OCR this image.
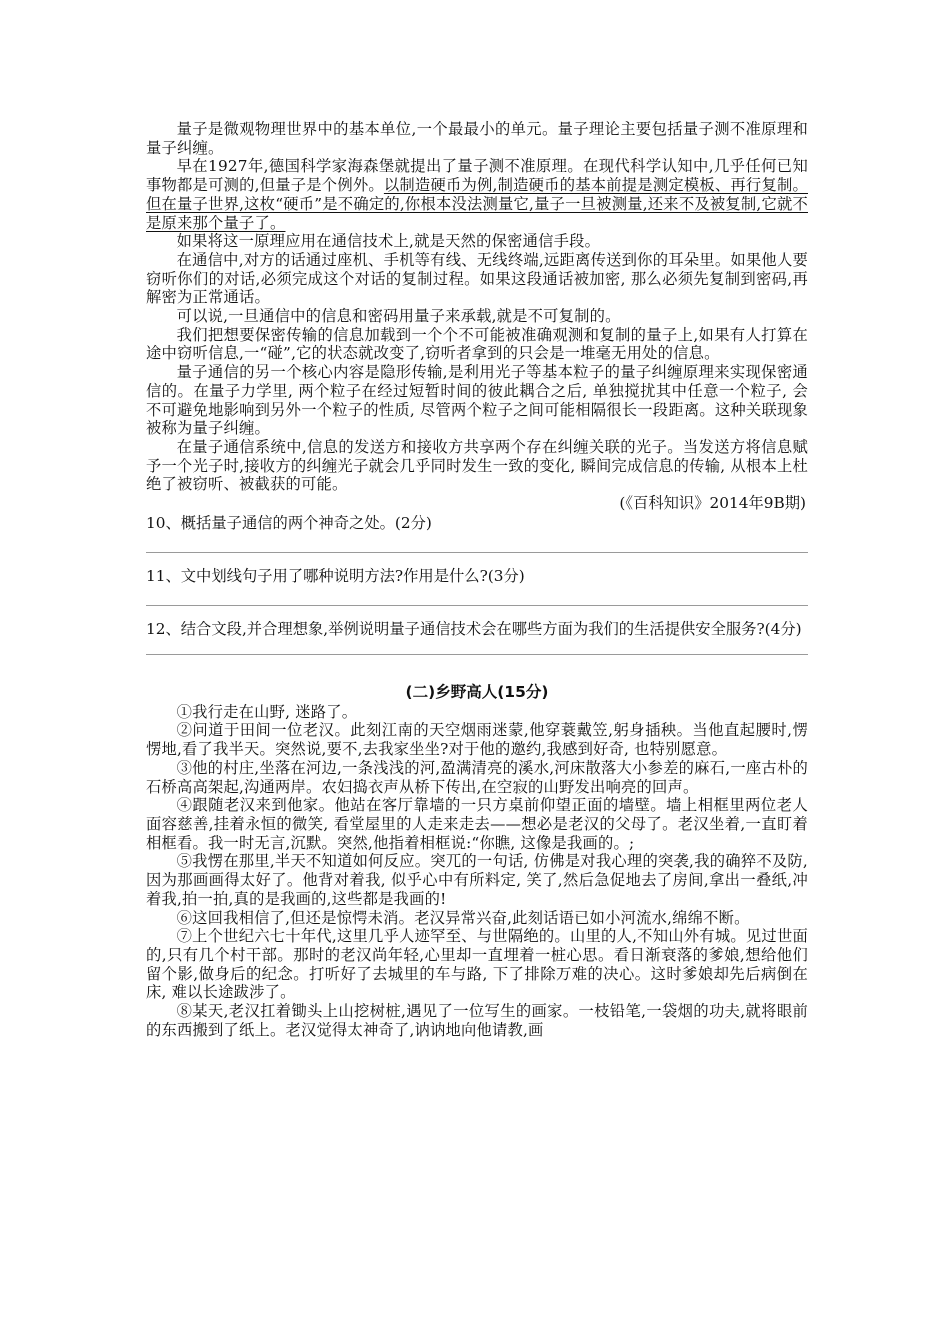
量子是微观物理世界中的基本单位,一个最最小的单元。量子理论主要包括量子测不准原理和量子纠缠。

早在1927年,德国科学家海森堡就提出了量子测不准原理。在现代科学认知中,几乎任何已知事物都是可测的,但量子是个例外。以制造硬币为例,制造硬币的基本前提是测定模板、再行复制。但在量子世界,这枚“硬币”是不确定的,你根本没法测量它,量子一旦被测量,还来不及被复制,它就不是原来那个量子了。

如果将这一原理应用在通信技术上,就是天然的保密通信手段。

在通信中,对方的话通过座机、手机等有线、无线终端,远距离传送到你的耳朵里。如果他人要窃听你们的对话,必须完成这个对话的复制过程。如果这段通话被加密, 那么必须先复制到密码,再解密为正常通话。

可以说,一旦通信中的信息和密码用量子来承载,就是不可复制的。

我们把想要保密传输的信息加载到一个个不可能被准确观测和复制的量子上,如果有人打算在途中窃听信息,一“碰”,它的状态就改变了,窃听者拿到的只会是一堆毫无用处的信息。

量子通信的另一个核心内容是隐形传输,是利用光子等基本粒子的量子纠缠原理来实现保密通信的。在量子力学里, 两个粒子在经过短暂时间的彼此耦合之后, 单独搅扰其中任意一个粒子, 会不可避免地影响到另外一个粒子的性质, 尽管两个粒子之间可能相隔很长一段距离。这种关联现象被称为量子纠缠。

在量子通信系统中,信息的发送方和接收方共享两个存在纠缠关联的光子。当发送方将信息赋予一个光子时,接收方的纠缠光子就会几乎同时发生一致的变化, 瞬间完成信息的传输, 从根本上杜绝了被窃听、被截获的可能。

(《百科知识》2014年9B期)

10、概括量子通信的两个神奇之处。(2分)

11、文中划线句子用了哪种说明方法?作用是什么?(3分)

12、结合文段,并合理想象,举例说明量子通信技术会在哪些方面为我们的生活提供安全服务?(4分)

(二)乡野高人(15分)

①我行走在山野, 迷路了。

②问道于田间一位老汉。此刻江南的天空烟雨迷蒙,他穿蓑戴笠,躬身插秧。当他直起腰时,愣愣地,看了我半天。突然说,要不,去我家坐坐?对于他的邀约,我感到好奇, 也特别愿意。

③他的村庄,坐落在河边,一条浅浅的河,盈满清亮的溪水,河床散落大小参差的麻石,一座古朴的石桥高高架起,沟通两岸。农妇捣衣声从桥下传出,在空寂的山野发出响亮的回声。

④跟随老汉来到他家。他站在客厅靠墙的一只方桌前仰望正面的墙壁。墙上相框里两位老人面容慈善,挂着永恒的微笑, 看堂屋里的人走来走去——想必是老汉的父母了。老汉坐着,一直盯着相框看。我一时无言,沉默。突然,他指着相框说:“你瞧, 这像是我画的。;

⑤我愣在那里,半天不知道如何反应。突兀的一句话, 仿佛是对我心理的突袭,我的确猝不及防,因为那画画得太好了。他背对着我, 似乎心中有所料定, 笑了,然后急促地去了房间,拿出一叠纸,冲着我,拍一拍,真的是我画的,这些都是我画的!

⑥这回我相信了,但还是惊愕未消。老汉异常兴奋,此刻话语已如小河流水,绵绵不断。

⑦上个世纪六七十年代,这里几乎人迹罕至、与世隔绝的。山里的人,不知山外有城。见过世面的,只有几个村干部。那时的老汉尚年轻,心里却一直埋着一桩心思。看日渐衰落的爹娘,想给他们留个影,做身后的纪念。打听好了去城里的车与路, 下了排除万难的决心。这时爹娘却先后病倒在床, 难以长途跋涉了。

⑧某天,老汉扛着锄头上山挖树桩,遇见了一位写生的画家。一枝铅笔,一袋烟的功夫,就将眼前的东西搬到了纸上。老汉觉得太神奇了,讷讷地向他请教,画
